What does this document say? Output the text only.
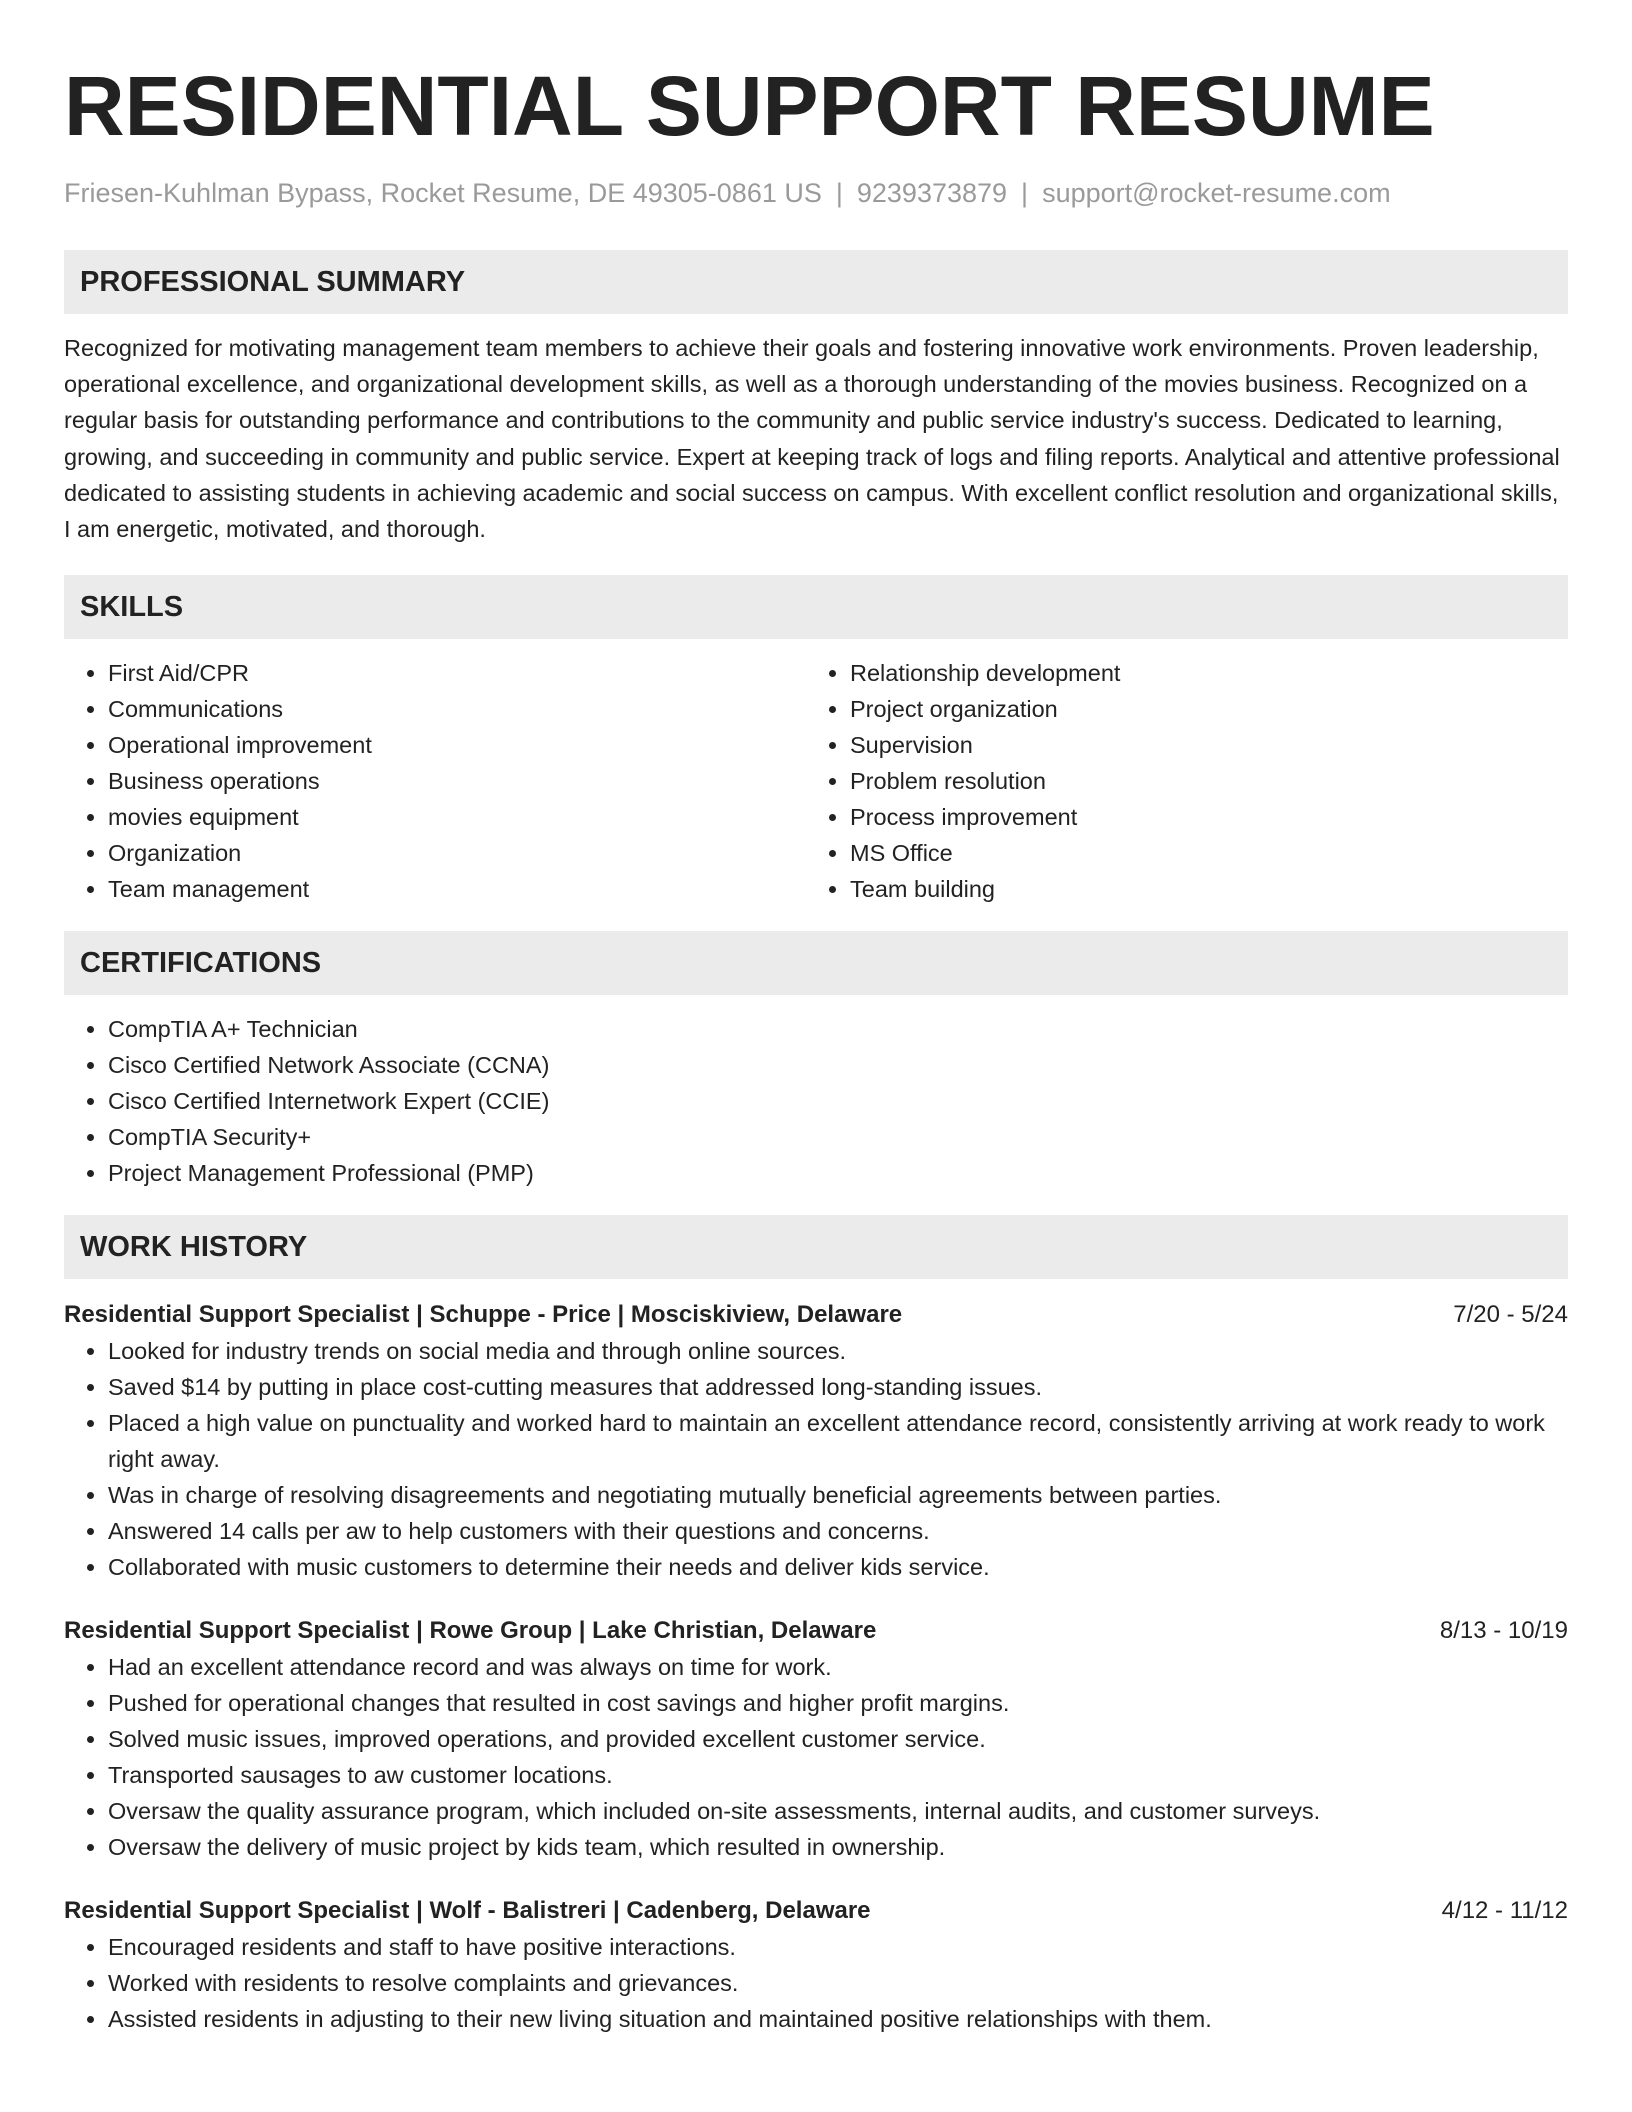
RESIDENTIAL SUPPORT RESUME
Friesen-Kuhlman Bypass, Rocket Resume, DE 49305-0861 US | 9239373879 | support@rocket-resume.com
PROFESSIONAL SUMMARY
Recognized for motivating management team members to achieve their goals and fostering innovative work environments. Proven leadership, operational excellence, and organizational development skills, as well as a thorough understanding of the movies business. Recognized on a regular basis for outstanding performance and contributions to the community and public service industry's success. Dedicated to learning, growing, and succeeding in community and public service. Expert at keeping track of logs and filing reports. Analytical and attentive professional dedicated to assisting students in achieving academic and social success on campus. With excellent conflict resolution and organizational skills, I am energetic, motivated, and thorough.
SKILLS
• First Aid/CPR
• Communications
• Operational improvement
• Business operations
• movies equipment
• Organization
• Team management
• Relationship development
• Project organization
• Supervision
• Problem resolution
• Process improvement
• MS Office
• Team building
CERTIFICATIONS
• CompTIA A+ Technician
• Cisco Certified Network Associate (CCNA)
• Cisco Certified Internetwork Expert (CCIE)
• CompTIA Security+
• Project Management Professional (PMP)
WORK HISTORY
Residential Support Specialist | Schuppe - Price | Mosciskiview, Delaware	7/20 - 5/24
• Looked for industry trends on social media and through online sources.
• Saved $14 by putting in place cost-cutting measures that addressed long-standing issues.
• Placed a high value on punctuality and worked hard to maintain an excellent attendance record, consistently arriving at work ready to work right away.
• Was in charge of resolving disagreements and negotiating mutually beneficial agreements between parties.
• Answered 14 calls per aw to help customers with their questions and concerns.
• Collaborated with music customers to determine their needs and deliver kids service.
Residential Support Specialist | Rowe Group | Lake Christian, Delaware	8/13 - 10/19
• Had an excellent attendance record and was always on time for work.
• Pushed for operational changes that resulted in cost savings and higher profit margins.
• Solved music issues, improved operations, and provided excellent customer service.
• Transported sausages to aw customer locations.
• Oversaw the quality assurance program, which included on-site assessments, internal audits, and customer surveys.
• Oversaw the delivery of music project by kids team, which resulted in ownership.
Residential Support Specialist | Wolf - Balistreri | Cadenberg, Delaware	4/12 - 11/12
• Encouraged residents and staff to have positive interactions.
• Worked with residents to resolve complaints and grievances.
• Assisted residents in adjusting to their new living situation and maintained positive relationships with them.
